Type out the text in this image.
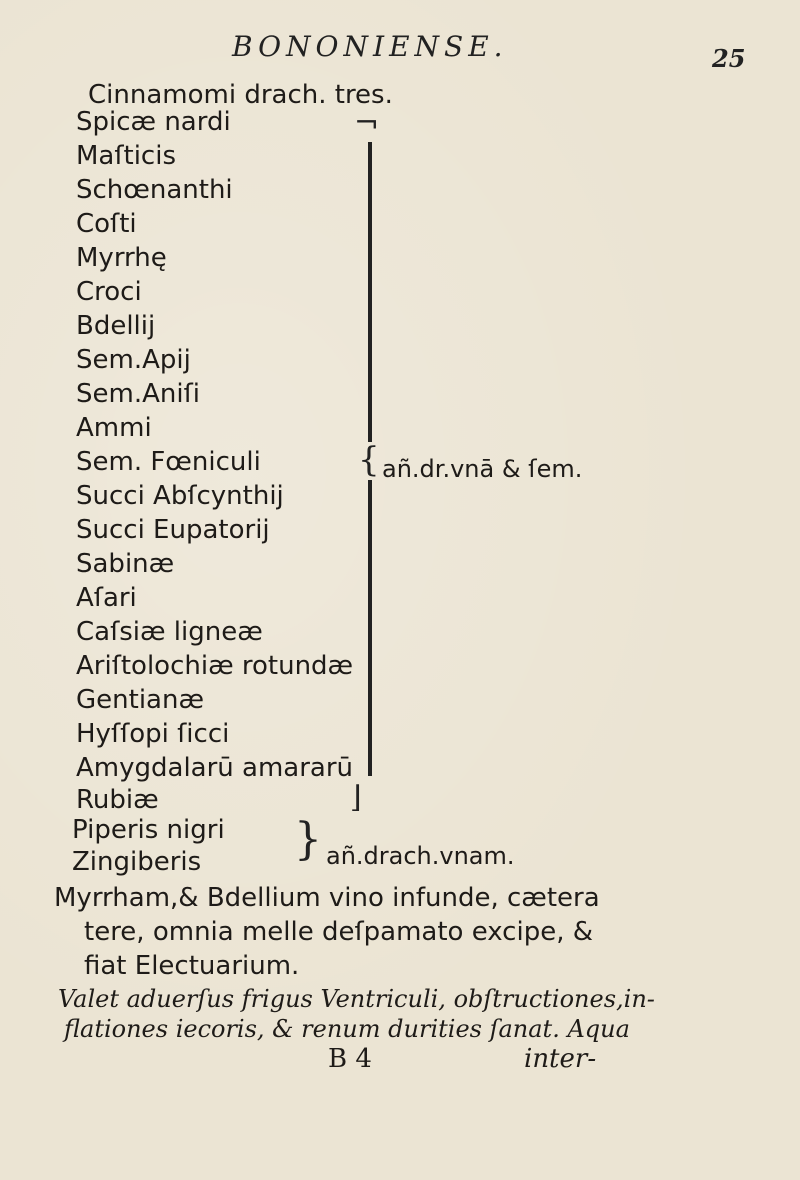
BONONIENSE.	25
Cinnamomi drach. tres.
Spicæ nardi
Maſticis
Schœnanthi
Coſti
Myrrhę
Croci
Bdellij
Sem.Apij
Sem.Aniſi
Ammi
Sem. Fœniculi
Succi Abſcynthij
Succi Eupatorij
Sabinæ
Aſari
Caſsiæ ligneæ
Ariſtolochiæ rotundæ
Gentianæ
Hyſſopi ſicci
Amygdalarū amararū
Rubiæ
¬
{
⌋
añ.dr.vnā & ſem.
Piperis nigri
Zingiberis } añ.drach.vnam.
Myrrham,& Bdellium vino infunde, cætera
tere, omnia melle deſpamato excipe, &
fiat Electuarium.
Valet aduerſus frigus Ventriculi, obſtructiones,in-
flationes iecoris, & renum durities ſanat. Aqua
B 4	inter-
